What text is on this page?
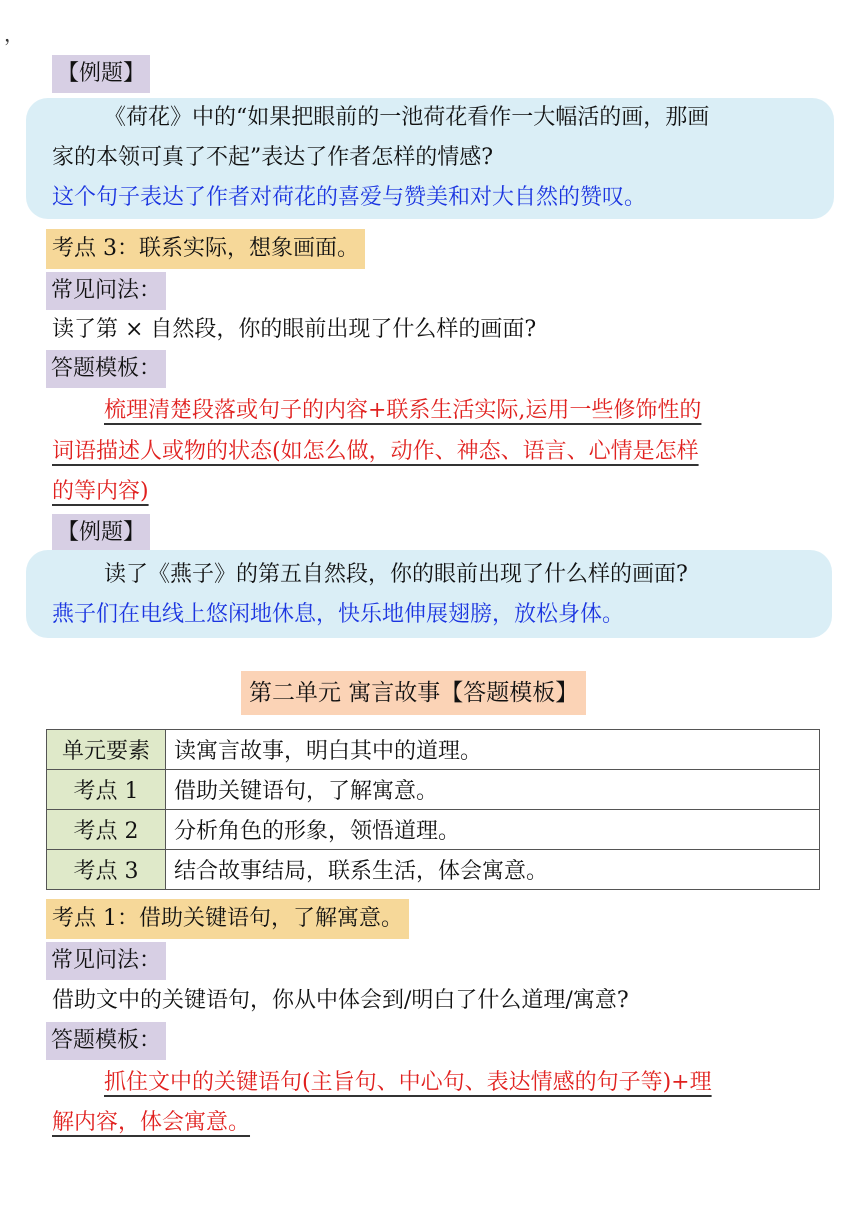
，
【例题】
《荷花》中的“如果把眼前的一池荷花看作一大幅活的画，那画
家的本领可真了不起”表达了作者怎样的情感?
这个句子表达了作者对荷花的喜爱与赞美和对大自然的赞叹。
考点 3：联系实际，想象画面。
常见问法：
读了第 × 自然段，你的眼前出现了什么样的画面?
答题模板：
梳理清楚段落或句子的内容+联系生活实际,运用一些修饰性的
词语描述人或物的状态(如怎么做，动作、神态、语言、心情是怎样
的等内容)
【例题】
读了《燕子》的第五自然段，你的眼前出现了什么样的画面?
燕子们在电线上悠闲地休息，快乐地伸展翅膀，放松身体。
第二单元 寓言故事【答题模板】
单元要素	读寓言故事，明白其中的道理。
考点 1	借助关键语句，了解寓意。
考点 2	分析角色的形象，领悟道理。
考点 3	结合故事结局，联系生活，体会寓意。
考点 1：借助关键语句，了解寓意。
常见问法：
借助文中的关键语句，你从中体会到/明白了什么道理/寓意?
答题模板：
抓住文中的关键语句(主旨句、中心句、表达情感的句子等)+理
解内容，体会寓意。
